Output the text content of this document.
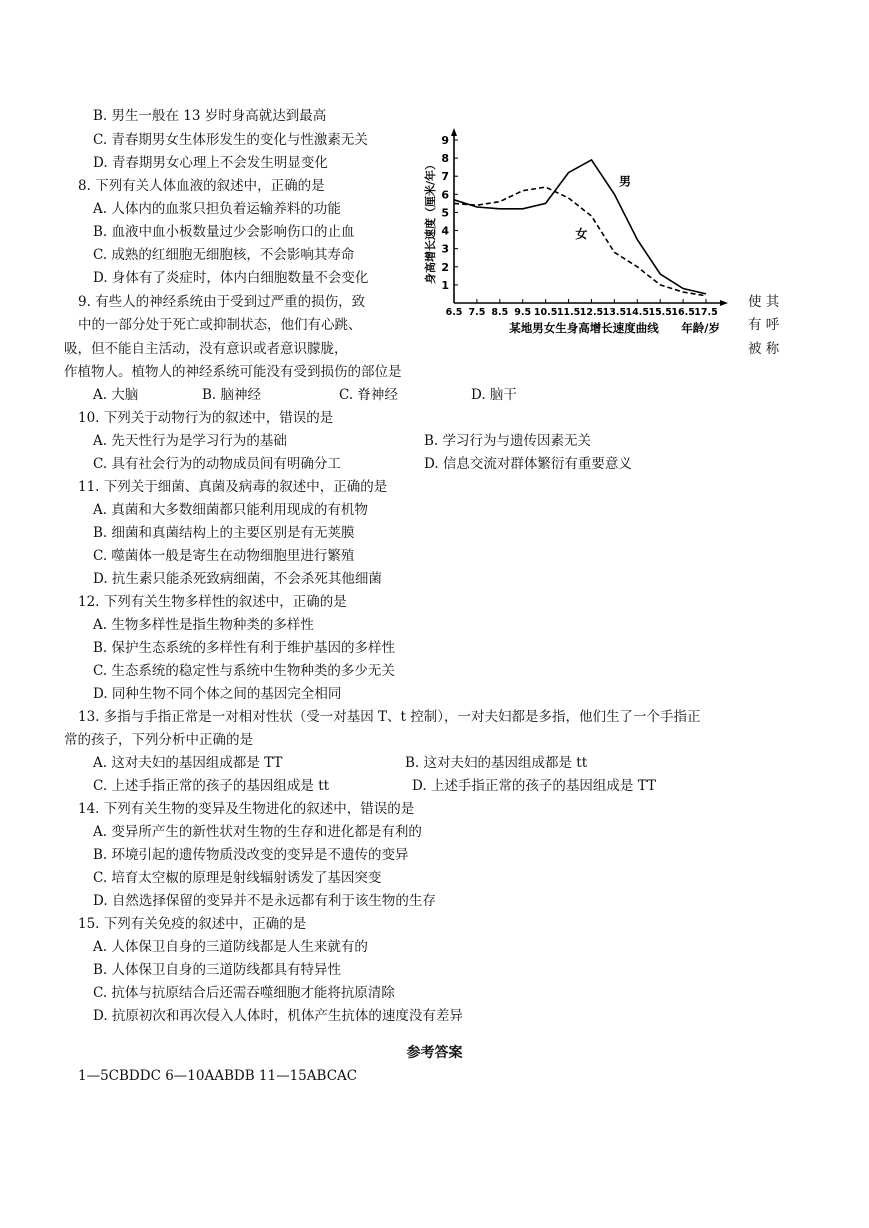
B. 男生一般在 13 岁时身高就达到最高
C. 青春期男女生体形发生的变化与性激素无关
D. 青春期男女心理上不会发生明显变化
8. 下列有关人体血液的叙述中，正确的是
A. 人体内的血浆只担负着运输养料的功能
B. 血液中血小板数量过少会影响伤口的止血
C. 成熟的红细胞无细胞核，不会影响其寿命
D. 身体有了炎症时，体内白细胞数量不会变化
9. 有些人的神经系统由于受到过严重的损伤，致	使 其
中的一部分处于死亡或抑制状态，他们有心跳、	有 呼
吸，但不能自主活动，没有意识或者意识朦胧，	被 称
作植物人。植物人的神经系统可能没有受到损伤的部位是
A. 大脑	B. 脑神经	C. 脊神经	D. 脑干
10. 下列关于动物行为的叙述中，错误的是
A. 先天性行为是学习行为的基础	B. 学习行为与遗传因素无关
C. 具有社会行为的动物成员间有明确分工	D. 信息交流对群体繁衍有重要意义
11. 下列关于细菌、真菌及病毒的叙述中，正确的是
A. 真菌和大多数细菌都只能利用现成的有机物
B. 细菌和真菌结构上的主要区别是有无荚膜
C. 噬菌体一般是寄生在动物细胞里进行繁殖
D. 抗生素只能杀死致病细菌，不会杀死其他细菌
12. 下列有关生物多样性的叙述中，正确的是
A. 生物多样性是指生物种类的多样性
B. 保护生态系统的多样性有利于维护基因的多样性
C. 生态系统的稳定性与系统中生物种类的多少无关
D. 同种生物不同个体之间的基因完全相同
13. 多指与手指正常是一对相对性状（受一对基因 T、t 控制），一对夫妇都是多指，他们生了一个手指正
常的孩子，下列分析中正确的是
A. 这对夫妇的基因组成都是 TT	B. 这对夫妇的基因组成都是 tt
C. 上述手指正常的孩子的基因组成是 tt	D. 上述手指正常的孩子的基因组成是 TT
14. 下列有关生物的变异及生物进化的叙述中，错误的是
A. 变异所产生的新性状对生物的生存和进化都是有利的
B. 环境引起的遗传物质没改变的变异是不遗传的变异
C. 培育太空椒的原理是射线辐射诱发了基因突变
D. 自然选择保留的变异并不是永远都有利于该生物的生存
15. 下列有关免疫的叙述中，正确的是
A. 人体保卫自身的三道防线都是人生来就有的
B. 人体保卫自身的三道防线都具有特异性
C. 抗体与抗原结合后还需吞噬细胞才能将抗原清除
D. 抗原初次和再次侵入人体时，机体产生抗体的速度没有差异
参考答案
1—5CBDDC 6—10AABDB 11—15ABCAC
1
2
3
4
5
6
7
8
9
6.5 7.5 8.5 9.5 10.5 11.5 12.5 13.5 14.5 15.5 16.5 17.5
男
女
某地男女生身高增长速度曲线 年龄/岁
身高增长速度（厘米/年）
